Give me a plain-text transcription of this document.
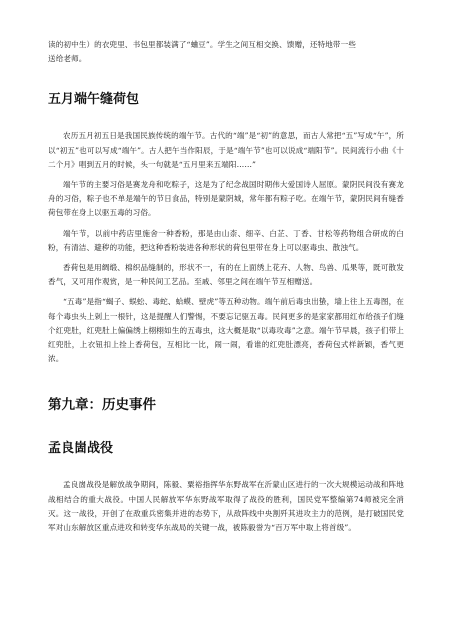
读的初中生）的衣兜里、书包里都装满了“蛐豆”。学生之间互相交换、馈赠，还特地带一些

送给老师。

五月端午缝荷包

农历五月初五日是我国民族传统的端午节。古代的“端”是“初”的意思，而古人常把“五”写成“午”，所以“初五”也可以写成“端午”。古人把午当作阳辰，于是“端午节”也可以说成“端阳节”。民间流行小曲《十二个月》唱到五月的时候，头一句就是“五月里来五端阳……”

端午节的主要习俗是赛龙舟和吃粽子，这是为了纪念战国时期伟大爱国诗人屈原。蒙阴民间没有赛龙舟的习俗，粽子也不单是端午的节日食品，特别是蒙阴城，常年都有粽子吃。在端午节，蒙阴民间有缝香荷包带在身上以驱五毒的习俗。

端午节，以前中药店里施舍一种香粉，那是由山柰、细辛、白芷、丁香、甘松等药物组合研成的白粉，有清洁、避秽的功能，把这种香粉装进各种形状的荷包里带在身上可以驱毒虫、散浊气。

香荷包是用绸缎、棉织品缝制的，形状不一，有的在上面绣上花卉、人物、鸟兽、瓜果等，既可散发香气，又可用作观赏，是一种民间工艺品。至戚、邻里之间在端午节互相赠送。

“五毒”是指“蝎子、蜈蚣、毒蛇、蛤蟆、壁虎”等五种动物。端午前后毒虫出蛰，墙上往上五毒图，在每个毒虫头上剁上一根针，这是提醒人们警惕，不要忘记驱五毒。民间更多的是家家都用红布给孩子们缝个红兜肚，红兜肚上偏偏绣上栩栩如生的五毒虫，这大概是取“以毒攻毒”之意。端午节早晨，孩子们带上红兜肚，上衣钮扣上拴上香荷包，互相比一比，闹一闹，看谁的红兜肚漂亮，香荷包式样新颖，香气更浓。

第九章：历史事件
孟良崮战役

孟良崮战役是解放战争期间，陈毅、粟裕指挥华东野战军在沂蒙山区进行的一次大规模运动战和阵地战相结合的重大战役。中国人民解放军华东野战军取得了战役的胜利，国民党军整编第74师被完全消灭。这一战役，开创了在敌重兵密集并进的态势下，从敌阵线中央割歼其进攻主力的范例，是打破国民党军对山东解放区重点进攻和转变华东战局的关键一战，被陈毅誉为“百万军中取上将首级”。
